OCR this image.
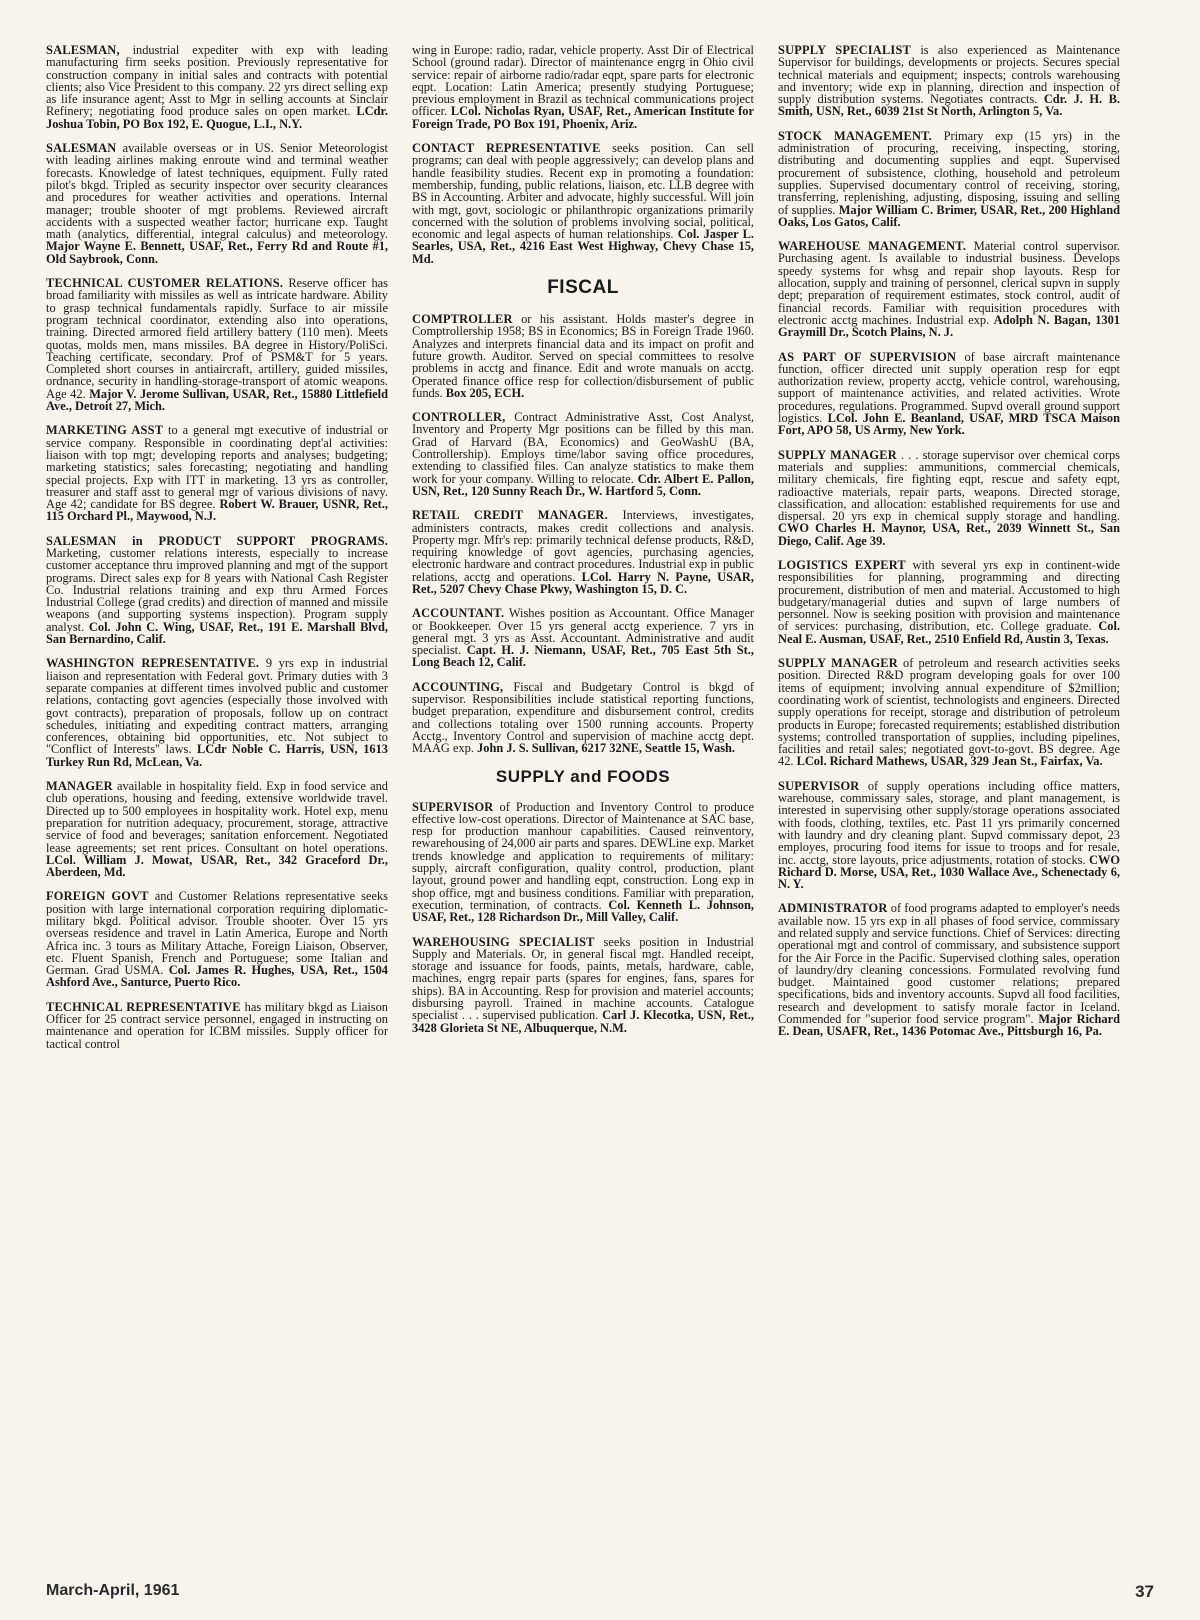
SALESMAN, industrial expediter with exp with leading manufacturing firm seeks position. Previously representative for construction company in initial sales and contracts with potential clients; also Vice President to this company. 22 yrs direct selling exp as life insurance agent; Asst to Mgr in selling accounts at Sinclair Refinery; negotiating food produce sales on open market. LCdr. Joshua Tobin, PO Box 192, E. Quogue, L.I., N.Y.

SALESMAN available overseas or in US. Senior Meteorologist with leading airlines making enroute wind and terminal weather forecasts. Knowledge of latest techniques, equipment. Fully rated pilot's bkgd. Tripled as security inspector over security clearances and procedures for weather activities and operations. Internal manager; trouble shooter of mgt problems. Reviewed aircraft accidents with a suspected weather factor; hurricane exp. Taught math (analytics, differential, integral calculus) and meteorology. Major Wayne E. Bennett, USAF, Ret., Ferry Rd and Route #1, Old Saybrook, Conn.

TECHNICAL CUSTOMER RELATIONS. Reserve officer has broad familiarity with missiles as well as intricate hardware. Ability to grasp technical fundamentals rapidly. Surface to air missile program technical coordinator, extending also into operations, training. Directed armored field artillery battery (110 men). Meets quotas, molds men, mans missiles. BA degree in History/PoliSci. Teaching certificate, secondary. Prof of PSM&T for 5 years. Completed short courses in antiaircraft, artillery, guided missiles, ordnance, security in handling-storage-transport of atomic weapons. Age 42. Major V. Jerome Sullivan, USAR, Ret., 15880 Littlefield Ave., Detroit 27, Mich.

MARKETING ASST to a general mgt executive of industrial or service company. Responsible in coordinating dept'al activities: liaison with top mgt; developing reports and analyses; budgeting; marketing statistics; sales forecasting; negotiating and handling special projects. Exp with ITT in marketing. 13 yrs as controller, treasurer and staff asst to general mgr of various divisions of navy. Age 42; candidate for BS degree. Robert W. Brauer, USNR, Ret., 115 Orchard Pl., Maywood, N.J.

SALESMAN in PRODUCT SUPPORT PROGRAMS. Marketing, customer relations interests, especially to increase customer acceptance thru improved planning and mgt of the support programs. Direct sales exp for 8 years with National Cash Register Co. Industrial relations training and exp thru Armed Forces Industrial College (grad credits) and direction of manned and missile weapons (and supporting systems inspection). Program supply analyst. Col. John C. Wing, USAF, Ret., 191 E. Marshall Blvd, San Bernardino, Calif.

WASHINGTON REPRESENTATIVE. 9 yrs exp in industrial liaison and representation with Federal govt. Primary duties with 3 separate companies at different times involved public and customer relations, contacting govt agencies (especially those involved with govt contracts), preparation of proposals, follow up on contract schedules, initiating and expediting contract matters, arranging conferences, obtaining bid opportunities, etc. Not subject to "Conflict of Interests" laws. LCdr Noble C. Harris, USN, 1613 Turkey Run Rd, McLean, Va.

MANAGER available in hospitality field. Exp in food service and club operations, housing and feeding, extensive worldwide travel. Directed up to 500 employees in hospitality work. Hotel exp, menu preparation for nutrition adequacy, procurement, storage, attractive service of food and beverages; sanitation enforcement. Negotiated lease agreements; set rent prices. Consultant on hotel operations. LCol. William J. Mowat, USAR, Ret., 342 Graceford Dr., Aberdeen, Md.

FOREIGN GOVT and Customer Relations representative seeks position with large international corporation requiring diplomatic-military bkgd. Political advisor. Trouble shooter. Over 15 yrs overseas residence and travel in Latin America, Europe and North Africa inc. 3 tours as Military Attache, Foreign Liaison, Observer, etc. Fluent Spanish, French and Portuguese; some Italian and German. Grad USMA. Col. James R. Hughes, USA, Ret., 1504 Ashford Ave., Santurce, Puerto Rico.

TECHNICAL REPRESENTATIVE has military bkgd as Liaison Officer for 25 contract service personnel, engaged in instructing on maintenance and operation for ICBM missiles. Supply officer for tactical control

wing in Europe: radio, radar, vehicle property. Asst Dir of Electrical School (ground radar). Director of maintenance engrg in Ohio civil service: repair of airborne radio/radar eqpt, spare parts for electronic eqpt. Location: Latin America; presently studying Portuguese; previous employment in Brazil as technical communications project officer. LCol. Nicholas Ryan, USAF, Ret., American Institute for Foreign Trade, PO Box 191, Phoenix, Ariz.

CONTACT REPRESENTATIVE seeks position. Can sell programs; can deal with people aggressively; can develop plans and handle feasibility studies. Recent exp in promoting a foundation: membership, funding, public relations, liaison, etc. LLB degree with BS in Accounting. Arbiter and advocate, highly successful. Will join with mgt, govt, sociologic or philanthropic organizations primarily concerned with the solution of problems involving social, political, economic and legal aspects of human relationships. Col. Jasper L. Searles, USA, Ret., 4216 East West Highway, Chevy Chase 15, Md.

FISCAL

COMPTROLLER or his assistant. Holds master's degree in Comptrollership 1958; BS in Economics; BS in Foreign Trade 1960. Analyzes and interprets financial data and its impact on profit and future growth. Auditor. Served on special committees to resolve problems in acctg and finance. Edit and wrote manuals on acctg. Operated finance office resp for collection/disbursement of public funds. Box 205, ECH.

CONTROLLER, Contract Administrative Asst, Cost Analyst, Inventory and Property Mgr positions can be filled by this man. Grad of Harvard (BA, Economics) and GeoWashU (BA, Controllership). Employs time/labor saving office procedures, extending to classified files. Can analyze statistics to make them work for your company. Willing to relocate. Cdr. Albert E. Pallon, USN, Ret., 120 Sunny Reach Dr., W. Hartford 5, Conn.

RETAIL CREDIT MANAGER. Interviews, investigates, administers contracts, makes credit collections and analysis. Property mgr. Mfr's rep: primarily technical defense products, R&D, requiring knowledge of govt agencies, purchasing agencies, electronic hardware and contract procedures. Industrial exp in public relations, acctg and operations. LCol. Harry N. Payne, USAR, Ret., 5207 Chevy Chase Pkwy, Washington 15, D. C.

ACCOUNTANT. Wishes position as Accountant. Office Manager or Bookkeeper. Over 15 yrs general acctg experience. 7 yrs in general mgt. 3 yrs as Asst. Accountant. Administrative and audit specialist. Capt. H. J. Niemann, USAF, Ret., 705 East 5th St., Long Beach 12, Calif.

ACCOUNTING, Fiscal and Budgetary Control is bkgd of supervisor. Responsibilities include statistical reporting functions, budget preparation, expenditure and disbursement control, credits and collections totaling over 1500 running accounts. Property Acctg., Inventory Control and supervision of machine acctg dept. MAAG exp. John J. S. Sullivan, 6217 32NE, Seattle 15, Wash.

SUPPLY and FOODS

SUPERVISOR of Production and Inventory Control to produce effective low-cost operations. Director of Maintenance at SAC base, resp for production manhour capabilities. Caused reinventory, rewarehousing of 24,000 air parts and spares. DEWLine exp. Market trends knowledge and application to requirements of military: supply, aircraft configuration, quality control, production, plant layout, ground power and handling eqpt, construction. Long exp in shop office, mgt and business conditions. Familiar with preparation, execution, termination, of contracts. Col. Kenneth L. Johnson, USAF, Ret., 128 Richardson Dr., Mill Valley, Calif.

WAREHOUSING SPECIALIST seeks position in Industrial Supply and Materials. Or, in general fiscal mgt. Handled receipt, storage and issuance for foods, paints, metals, hardware, cable, machines, engrg repair parts (spares for engines, fans, spares for ships). BA in Accounting. Resp for provision and materiel accounts; disbursing payroll. Trained in machine accounts. Catalogue specialist . . . supervised publication. Carl J. Klecotka, USN, Ret., 3428 Glorieta St NE, Albuquerque, N.M.

SUPPLY SPECIALIST is also experienced as Maintenance Supervisor for buildings, developments or projects. Secures special technical materials and equipment; inspects; controls warehousing and inventory; wide exp in planning, direction and inspection of supply distribution systems. Negotiates contracts. Cdr. J. H. B. Smith, USN, Ret., 6039 21st St North, Arlington 5, Va.

STOCK MANAGEMENT. Primary exp (15 yrs) in the administration of procuring, receiving, inspecting, storing, distributing and documenting supplies and eqpt. Supervised procurement of subsistence, clothing, household and petroleum supplies. Supervised documentary control of receiving, storing, transferring, replenishing, adjusting, disposing, issuing and selling of supplies. Major William C. Brimer, USAR, Ret., 200 Highland Oaks, Los Gatos, Calif.

WAREHOUSE MANAGEMENT. Material control supervisor. Purchasing agent. Is available to industrial business. Develops speedy systems for whsg and repair shop layouts. Resp for allocation, supply and training of personnel, clerical supvn in supply dept; preparation of requirement estimates, stock control, audit of financial records. Familiar with requisition procedures with electronic acctg machines. Industrial exp. Adolph N. Bagan, 1301 Graymill Dr., Scotch Plains, N. J.

AS PART OF SUPERVISION of base aircraft maintenance function, officer directed unit supply operation resp for eqpt authorization review, property acctg, vehicle control, warehousing, support of maintenance activities, and related activities. Wrote procedures, regulations. Programmed. Supvd overall ground support logistics. LCol. John E. Beanland, USAF, MRD TSCA Maison Fort, APO 58, US Army, New York.

SUPPLY MANAGER . . . storage supervisor over chemical corps materials and supplies: ammunitions, commercial chemicals, military chemicals, fire fighting eqpt, rescue and safety eqpt, radioactive materials, repair parts, weapons. Directed storage, classification, and allocation: established requirements for use and dispersal. 20 yrs exp in chemical supply storage and handling. CWO Charles H. Maynor, USA, Ret., 2039 Winnett St., San Diego, Calif. Age 39.

LOGISTICS EXPERT with several yrs exp in continent-wide responsibilities for planning, programming and directing procurement, distribution of men and material. Accustomed to high budgetary/managerial duties and supvn of large numbers of personnel. Now is seeking position with provision and maintenance of services: purchasing, distribution, etc. College graduate. Col. Neal E. Ausman, USAF, Ret., 2510 Enfield Rd, Austin 3, Texas.

SUPPLY MANAGER of petroleum and research activities seeks position. Directed R&D program developing goals for over 100 items of equipment; involving annual expenditure of $2million; coordinating work of scientist, technologists and engineers. Directed supply operations for receipt, storage and distribution of petroleum products in Europe; forecasted requirements; established distribution systems; controlled transportation of supplies, including pipelines, facilities and retail sales; negotiated govt-to-govt. BS degree. Age 42. LCol. Richard Mathews, USAR, 329 Jean St., Fairfax, Va.

SUPERVISOR of supply operations including office matters, warehouse, commissary sales, storage, and plant management, is interested in supervising other supply/storage operations associated with foods, clothing, textiles, etc. Past 11 yrs primarily concerned with laundry and dry cleaning plant. Supvd commissary depot, 23 employes, procuring food items for issue to troops and for resale, inc. acctg, store layouts, price adjustments, rotation of stocks. CWO Richard D. Morse, USA, Ret., 1030 Wallace Ave., Schenectady 6, N. Y.

ADMINISTRATOR of food programs adapted to employer's needs available now. 15 yrs exp in all phases of food service, commissary and related supply and service functions. Chief of Services: directing operational mgt and control of commissary, and subsistence support for the Air Force in the Pacific. Supervised clothing sales, operation of laundry/dry cleaning concessions. Formulated revolving fund budget. Maintained good customer relations; prepared specifications, bids and inventory accounts. Supvd all food facilities, research and development to satisfy morale factor in Iceland. Commended for "superior food service program". Major Richard E. Dean, USAFR, Ret., 1436 Potomac Ave., Pittsburgh 16, Pa.

March-April, 1961	37
